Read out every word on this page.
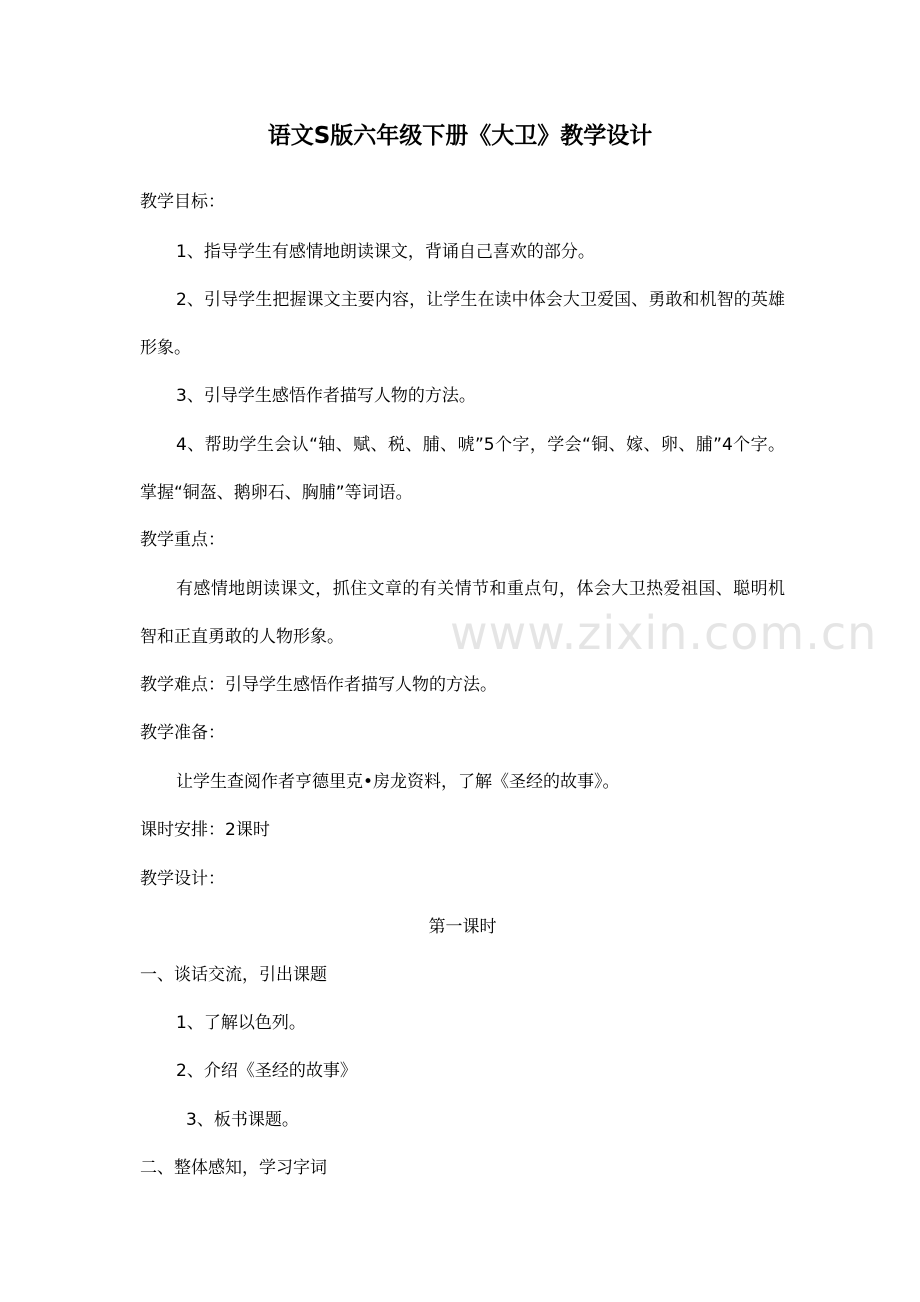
语文S版六年级下册《大卫》教学设计
教学目标：
1、指导学生有感情地朗读课文，背诵自己喜欢的部分。
2、引导学生把握课文主要内容，让学生在读中体会大卫爱国、勇敢和机智的英雄形象。
3、引导学生感悟作者描写人物的方法。
4、帮助学生会认“轴、赋、税、脯、唬”5个字，学会“铜、嫁、卵、脯”4个字。掌握“铜盔、鹅卵石、胸脯”等词语。
教学重点：
有感情地朗读课文，抓住文章的有关情节和重点句，体会大卫热爱祖国、聪明机智和正直勇敢的人物形象。
教学难点：引导学生感悟作者描写人物的方法。
教学准备：
让学生查阅作者亨德里克•房龙资料，了解《圣经的故事》。
课时安排：2课时
教学设计：
第一课时
一、谈话交流，引出课题
1、了解以色列。
2、介绍《圣经的故事》
3、板书课题。
二、整体感知，学习字词
www.zixin.com.cn
